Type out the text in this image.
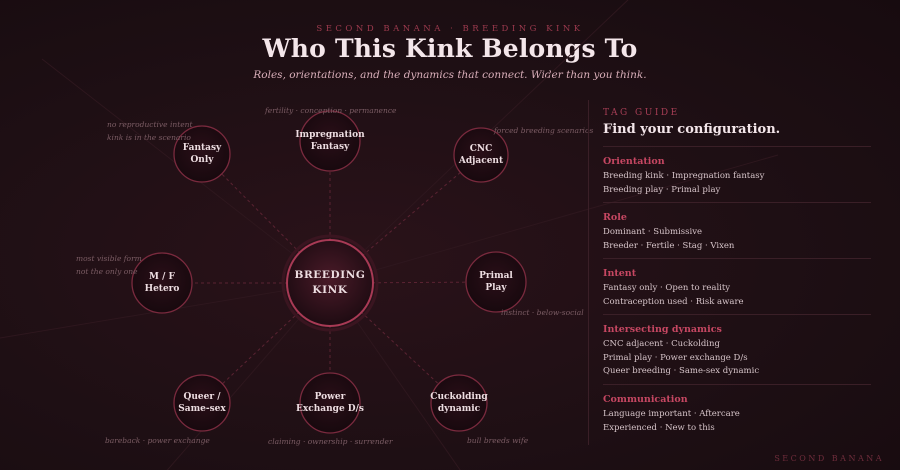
SECOND BANANA · BREEDING KINK
Who This Kink Belongs To
Roles, orientations, and the dynamics that connect. Wider than you think.
BREEDING
KINK
Impregnation
Fantasy
fertility · conception · permanence
CNC
Adjacent
forced breeding scenarios
Primal
Play
instinct · below-social
Cuckolding
dynamic
bull breeds wife
Power
Exchange D/s
claiming · ownership · surrender
Queer /
Same-sex
bareback · power exchange
M / F
Hetero
most visible form
not the only one
Fantasy
Only
no reproductive intent
kink is in the scenario
TAG GUIDE
Find your configuration.
Orientation
Breeding kink · Impregnation fantasy
Breeding play · Primal play
Role
Dominant · Submissive
Breeder · Fertile · Stag · Vixen
Intent
Fantasy only · Open to reality
Contraception used · Risk aware
Intersecting dynamics
CNC adjacent · Cuckolding
Primal play · Power exchange D/s
Queer breeding · Same-sex dynamic
Communication
Language important · Aftercare
Experienced · New to this
SECOND BANANA
